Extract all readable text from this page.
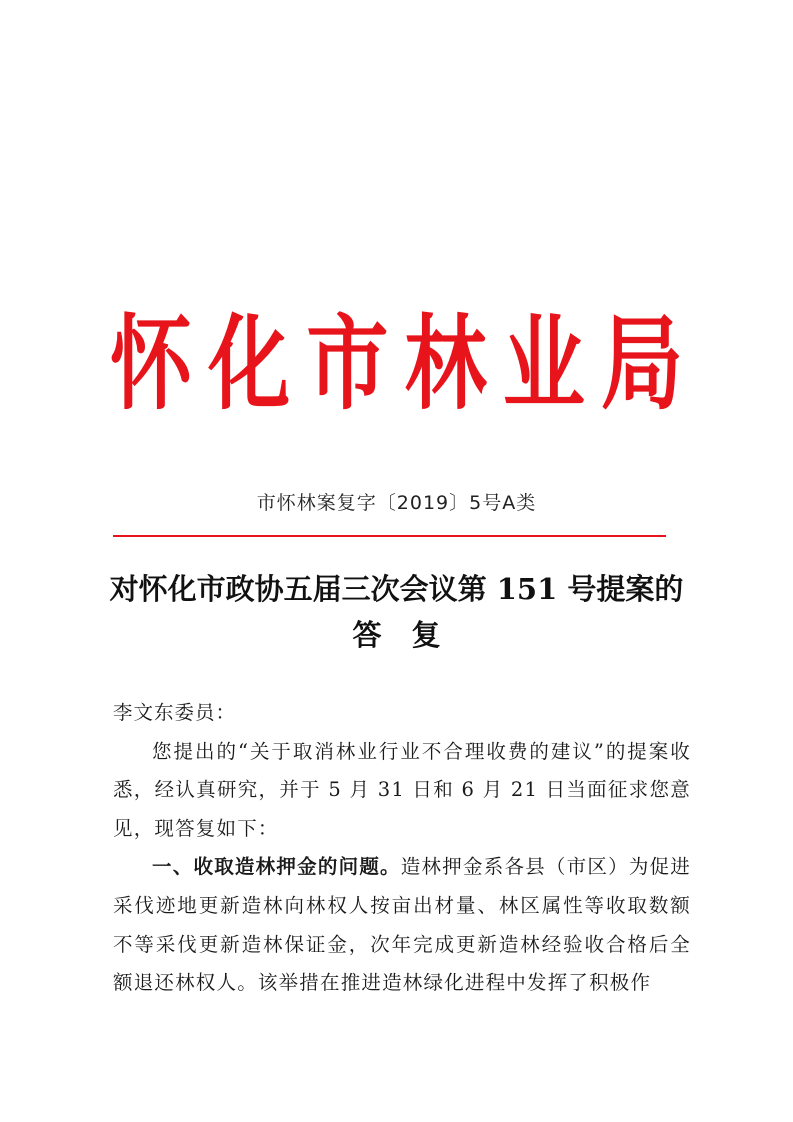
怀 化 市 林 业 局
市怀林案复字〔2019〕5号A类
对怀化市政协五届三次会议第 151 号提案的
答复

李文东委员：

您提出的“关于取消林业行业不合理收费的建议”的提案收悉，经认真研究，并于 5 月 31 日和 6 月 21 日当面征求您意见，现答复如下：

一、收取造林押金的问题。造林押金系各县（市区）为促进采伐迹地更新造林向林权人按亩出材量、林区属性等收取数额不等采伐更新造林保证金，次年完成更新造林经验收合格后全额退还林权人。该举措在推进造林绿化进程中发挥了积极作
